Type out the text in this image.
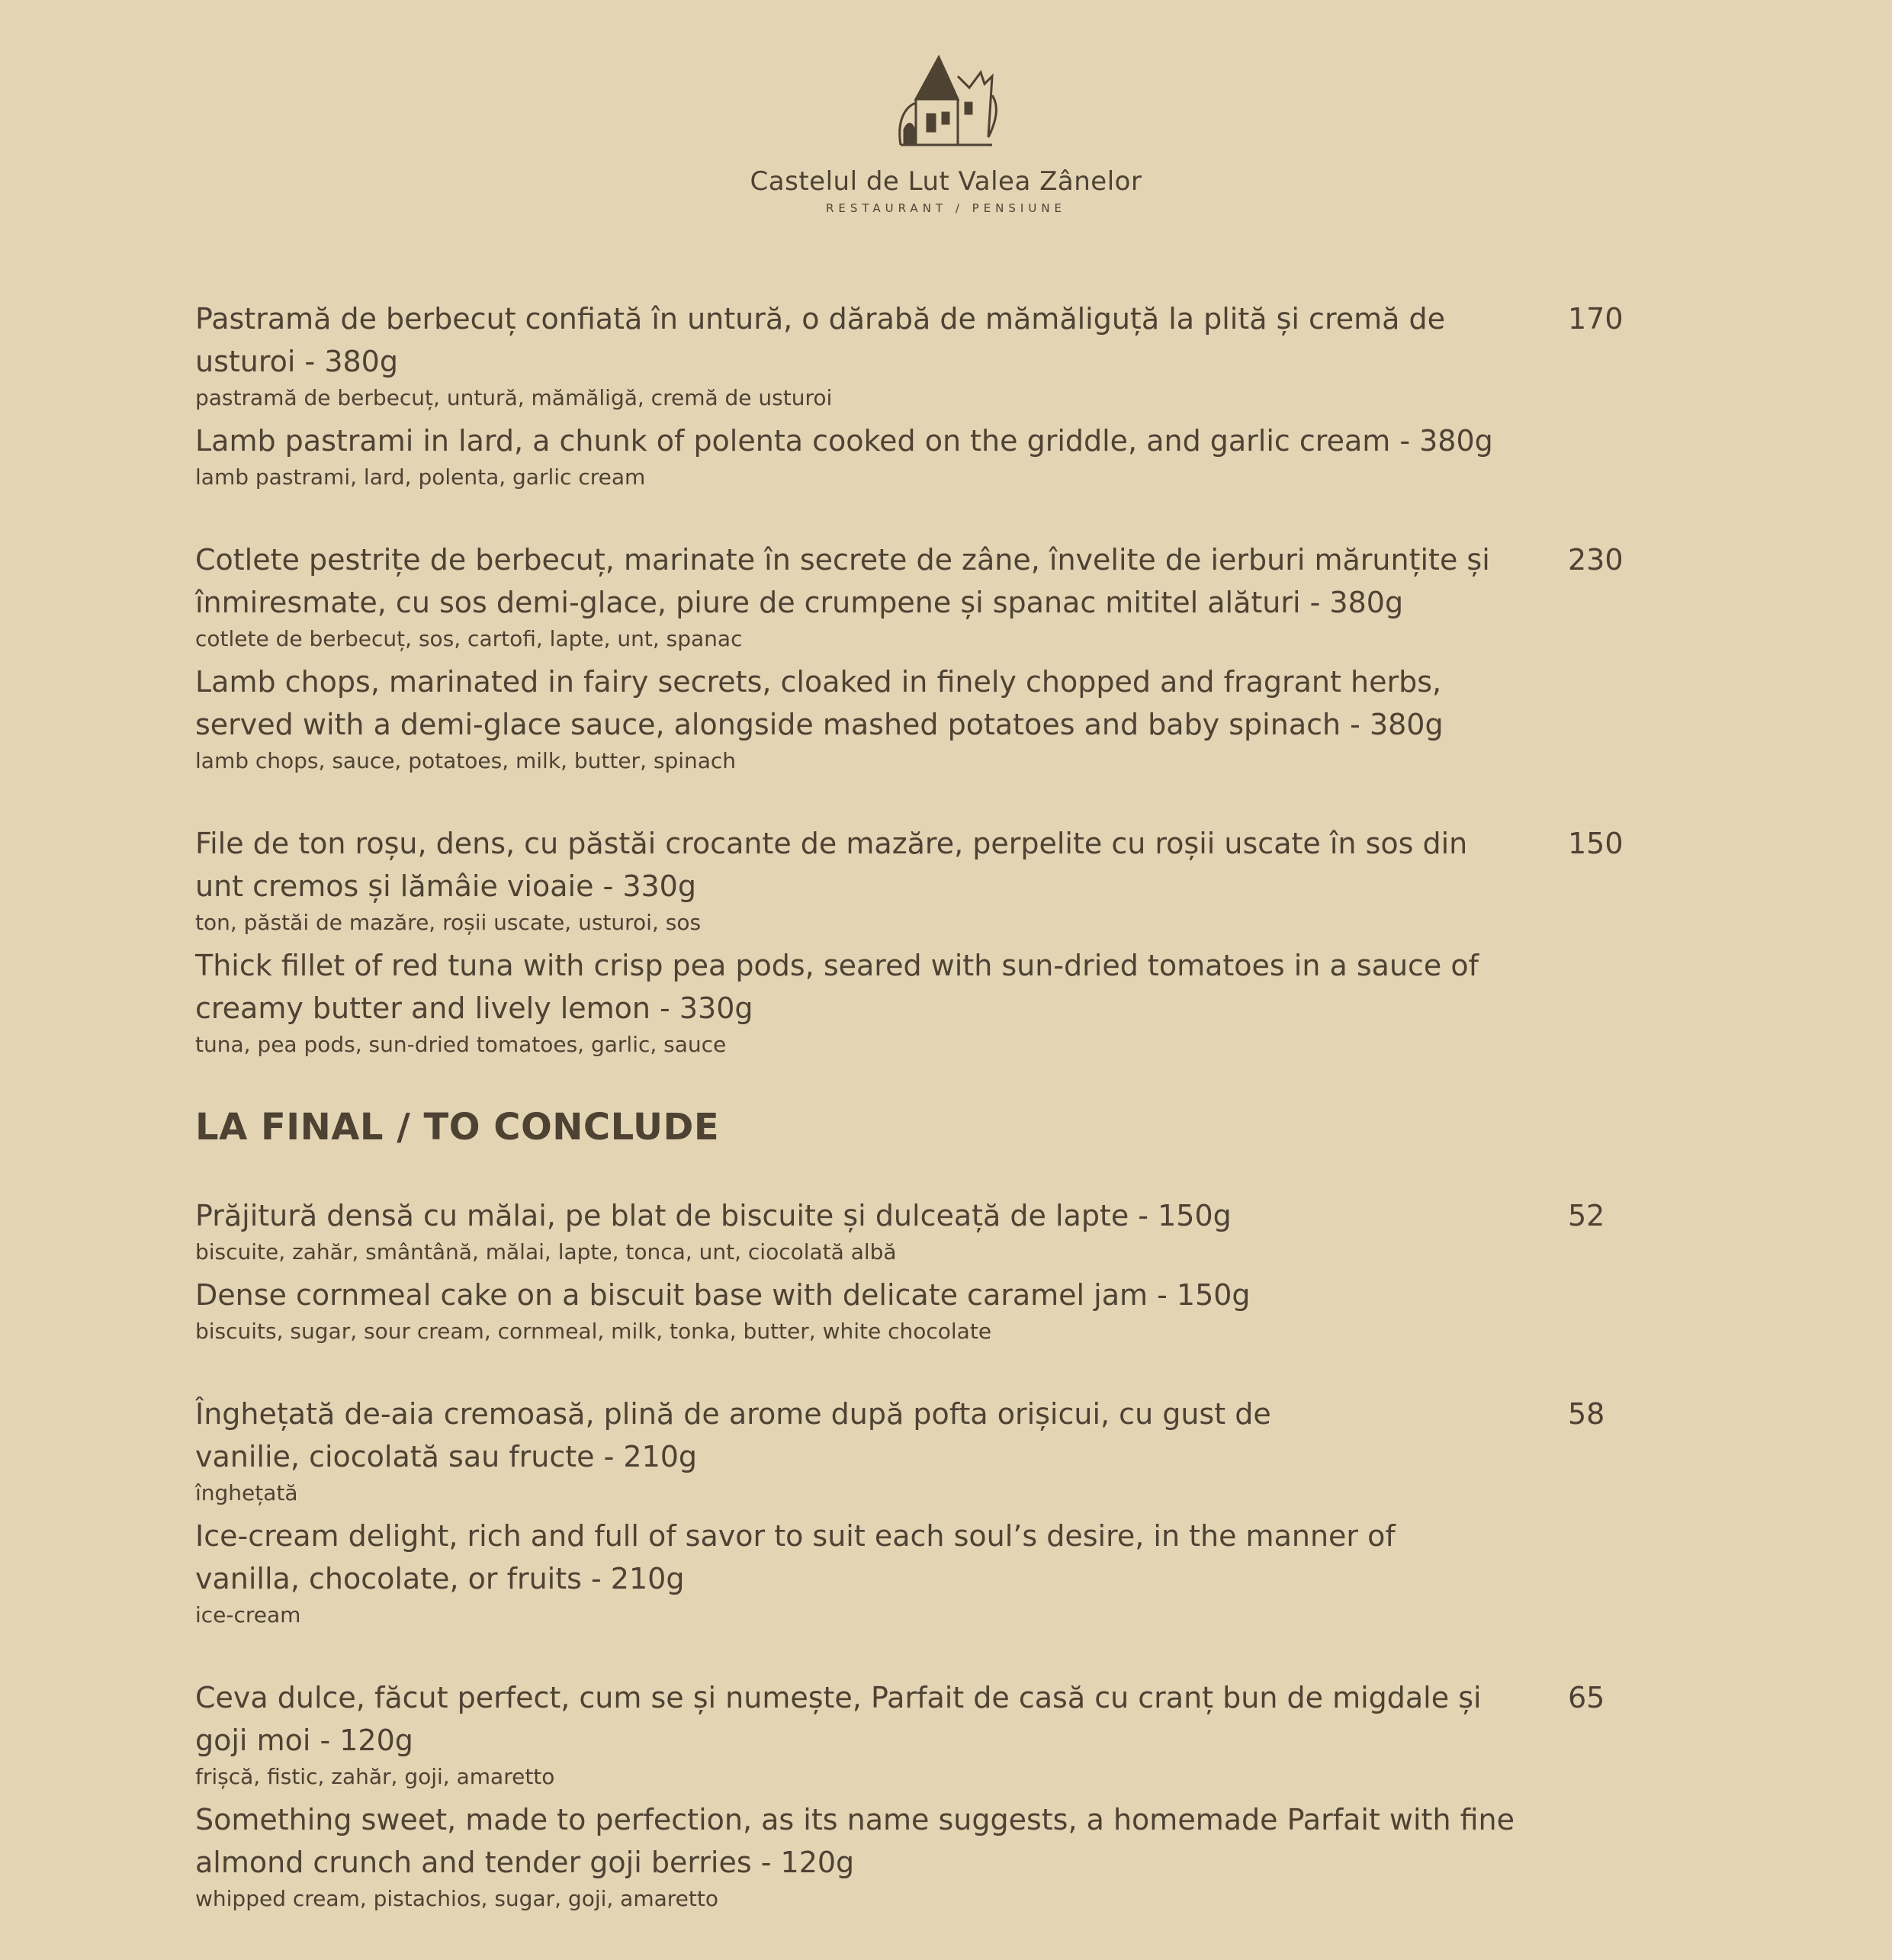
Castelul de Lut Valea Zânelor
RESTAURANT / PENSIUNE
Pastramă de berbecuț confiată în untură, o dărabă de mămăliguță la plită și cremă de usturoi - 380g
pastramă de berbecuț, untură, mămăligă, cremă de usturoi
Lamb pastrami in lard, a chunk of polenta cooked on the griddle, and garlic cream - 380g
lamb pastrami, lard, polenta, garlic cream
170
Cotlete pestrițe de berbecuț, marinate în secrete de zâne, învelite de ierburi mărunțite și înmiresmate, cu sos demi-glace, piure de crumpene și spanac mititel alături - 380g
cotlete de berbecuț, sos, cartofi, lapte, unt, spanac
Lamb chops, marinated in fairy secrets, cloaked in finely chopped and fragrant herbs, served with a demi-glace sauce, alongside mashed potatoes and baby spinach - 380g
lamb chops, sauce, potatoes, milk, butter, spinach
230
File de ton roșu, dens, cu păstăi crocante de mazăre, perpelite cu roșii uscate în sos din unt cremos și lămâie vioaie - 330g
ton, păstăi de mazăre, roșii uscate, usturoi, sos
Thick fillet of red tuna with crisp pea pods, seared with sun-dried tomatoes in a sauce of creamy butter and lively lemon - 330g
tuna, pea pods, sun-dried tomatoes, garlic, sauce
150
LA FINAL / TO CONCLUDE
Prăjitură densă cu mălai, pe blat de biscuite și dulceață de lapte - 150g
biscuite, zahăr, smântână, mălai, lapte, tonca, unt, ciocolată albă
Dense cornmeal cake on a biscuit base with delicate caramel jam - 150g
biscuits, sugar, sour cream, cornmeal, milk, tonka, butter, white chocolate
52
Înghețată de-aia cremoasă, plină de arome după pofta orișicui, cu gust de vanilie, ciocolată sau fructe - 210g
înghețată
Ice-cream delight, rich and full of savor to suit each soul’s desire, in the manner of vanilla, chocolate, or fruits - 210g
ice-cream
58
Ceva dulce, făcut perfect, cum se și numește, Parfait de casă cu cranț bun de migdale și goji moi - 120g
frișcă, fistic, zahăr, goji, amaretto
Something sweet, made to perfection, as its name suggests, a homemade Parfait with fine almond crunch and tender goji berries - 120g
whipped cream, pistachios, sugar, goji, amaretto
65
